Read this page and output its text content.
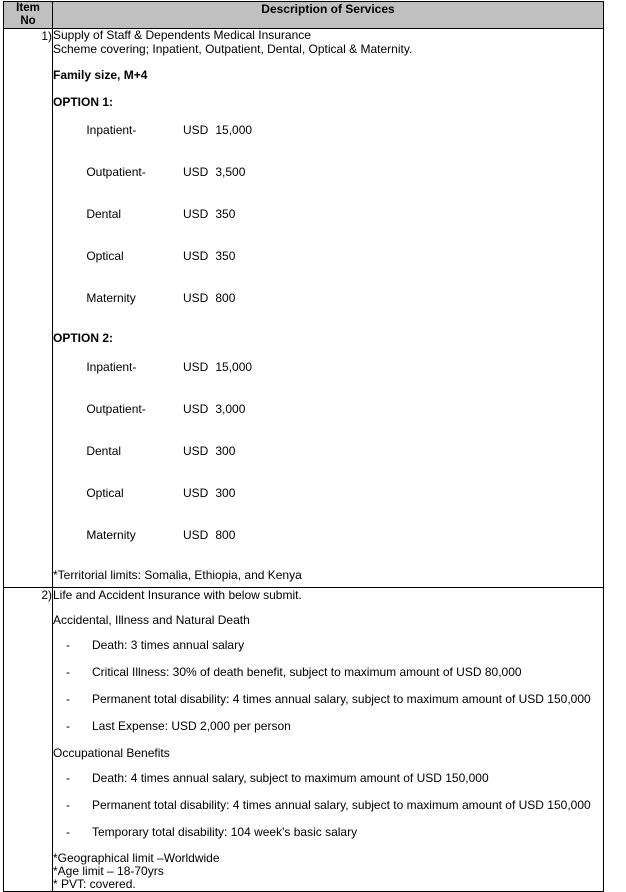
Item
No	Description of Services
1)	Supply of Staff & Dependents Medical Insurance Scheme covering; Inpatient, Outpatient, Dental, Optical & Maternity.
Family size, M+4
OPTION 1:

Inpatient-	USD 15,000

Outpatient-	USD 3,500

Dental	USD 350

Optical	USD 350

Maternity	USD 800

OPTION 2:

Inpatient-	USD 15,000

Outpatient-	USD 3,000

Dental	USD 300

Optical	USD 300

Maternity	USD 800

*Territorial limits: Somalia, Ethiopia, and Kenya

2)	Life and Accident Insurance with below submit.
Accidental, Illness and Natural Death
- Death: 3 times annual salary
- Critical Illness: 30% of death benefit, subject to maximum amount of USD 80,000
- Permanent total disability: 4 times annual salary, subject to maximum amount of USD 150,000
- Last Expense: USD 2,000 per person
Occupational Benefits
- Death: 4 times annual salary, subject to maximum amount of USD 150,000
- Permanent total disability: 4 times annual salary, subject to maximum amount of USD 150,000
- Temporary total disability: 104 week's basic salary
*Geographical limit –Worldwide
*Age limit – 18-70yrs
* PVT: covered.
